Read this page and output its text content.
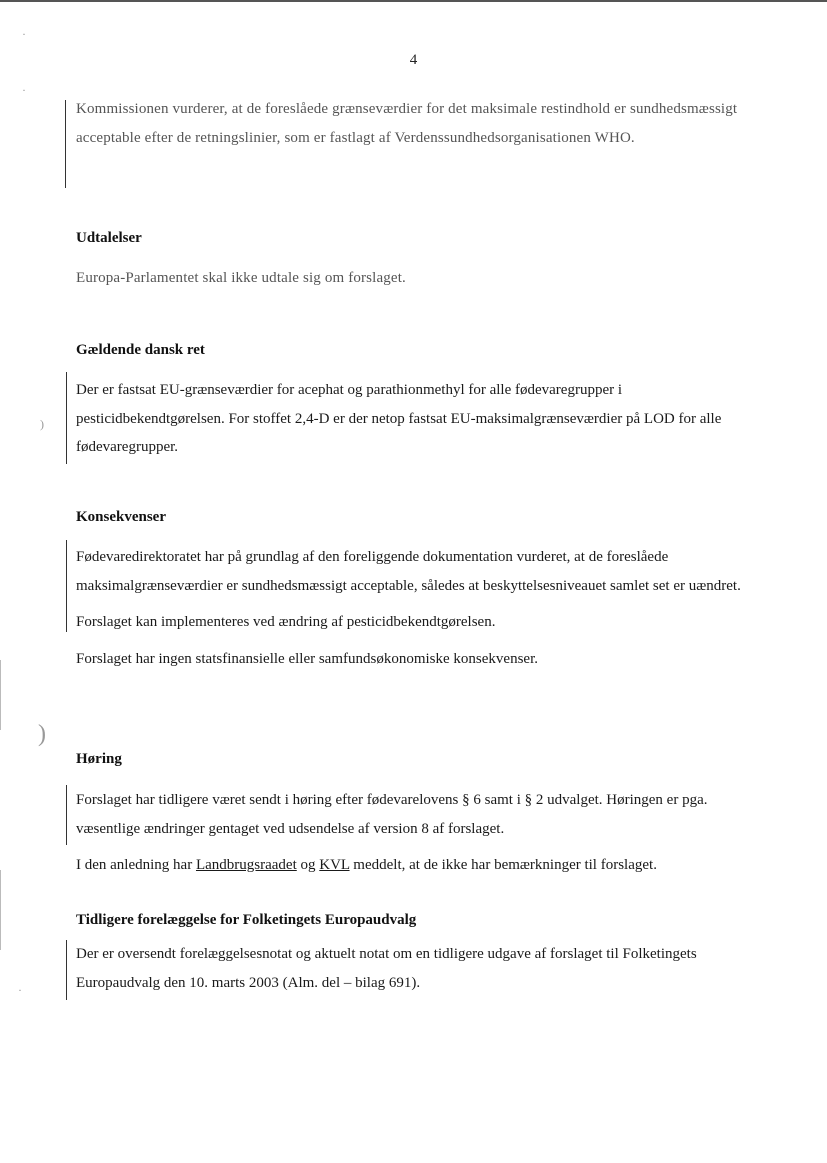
·
·
)
)
·
4

Kommissionen vurderer, at de foreslåede grænseværdier for det maksimale restindhold er sundhedsmæssigt acceptable efter de retningslinier, som er fastlagt af Verdenssundhedsorganisationen WHO.

Udtalelser

Europa-Parlamentet skal ikke udtale sig om forslaget.

Gældende dansk ret

Der er fastsat EU-grænseværdier for acephat og parathionmethyl for alle fødevaregrupper i pesticidbekendtgørelsen. For stoffet 2,4-D er der netop fastsat EU-maksimalgrænseværdier på LOD for alle fødevaregrupper.

Konsekvenser

Fødevaredirektoratet har på grundlag af den foreliggende dokumentation vurderet, at de foreslåede maksimalgrænseværdier er sundhedsmæssigt acceptable, således at beskyttelsesniveauet samlet set er uændret.

Forslaget kan implementeres ved ændring af pesticidbekendtgørelsen.

Forslaget har ingen statsfinansielle eller samfundsøkonomiske konsekvenser.

Høring

Forslaget har tidligere været sendt i høring efter fødevarelovens § 6 samt i § 2 udvalget. Høringen er pga. væsentlige ændringer gentaget ved udsendelse af version 8 af forslaget.

I den anledning har Landbrugsraadet og KVL meddelt, at de ikke har bemærkninger til forslaget.

Tidligere forelæggelse for Folketingets Europaudvalg

Der er oversendt forelæggelsesnotat og aktuelt notat om en tidligere udgave af forslaget til Folketingets Europaudvalg den 10. marts 2003 (Alm. del – bilag 691).
